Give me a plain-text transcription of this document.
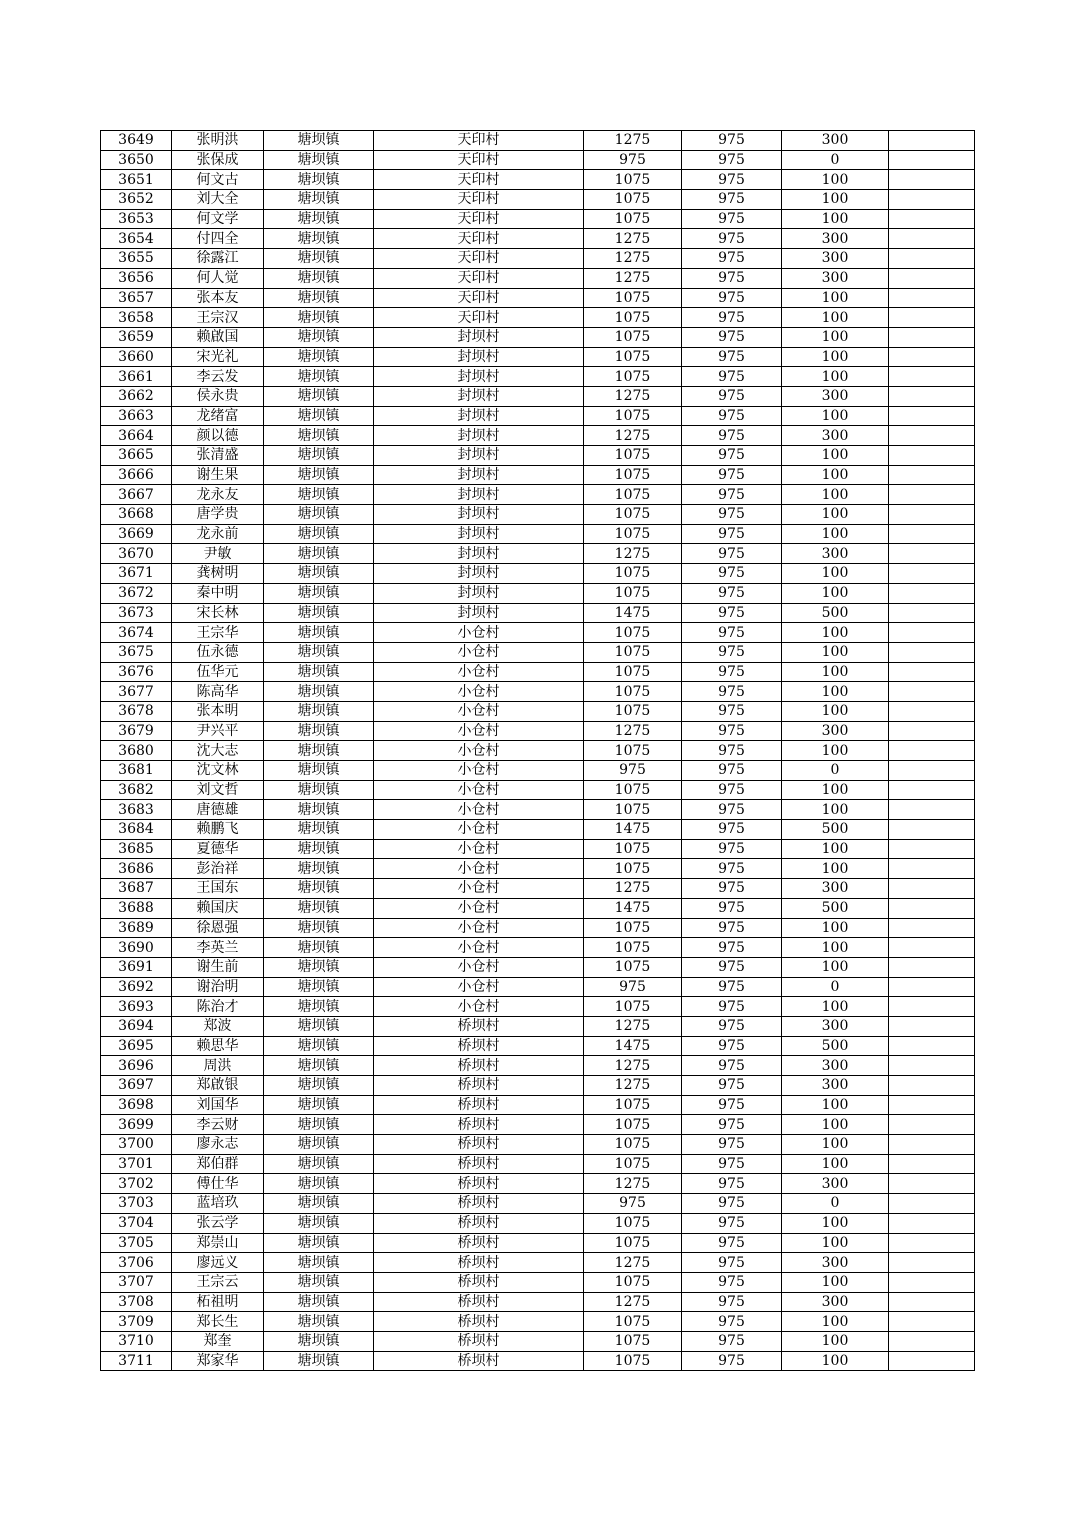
3649	张明洪	塘坝镇	天印村	1275	975	300	
3650	张保成	塘坝镇	天印村	975	975	0	
3651	何文古	塘坝镇	天印村	1075	975	100	
3652	刘大全	塘坝镇	天印村	1075	975	100	
3653	何文学	塘坝镇	天印村	1075	975	100	
3654	付四全	塘坝镇	天印村	1275	975	300	
3655	徐露江	塘坝镇	天印村	1275	975	300	
3656	何人觉	塘坝镇	天印村	1275	975	300	
3657	张本友	塘坝镇	天印村	1075	975	100	
3658	王宗汉	塘坝镇	天印村	1075	975	100	
3659	赖啟国	塘坝镇	封坝村	1075	975	100	
3660	宋光礼	塘坝镇	封坝村	1075	975	100	
3661	李云发	塘坝镇	封坝村	1075	975	100	
3662	侯永贵	塘坝镇	封坝村	1275	975	300	
3663	龙绪富	塘坝镇	封坝村	1075	975	100	
3664	颜以德	塘坝镇	封坝村	1275	975	300	
3665	张清盛	塘坝镇	封坝村	1075	975	100	
3666	谢生果	塘坝镇	封坝村	1075	975	100	
3667	龙永友	塘坝镇	封坝村	1075	975	100	
3668	唐学贵	塘坝镇	封坝村	1075	975	100	
3669	龙永前	塘坝镇	封坝村	1075	975	100	
3670	尹敏	塘坝镇	封坝村	1275	975	300	
3671	龚树明	塘坝镇	封坝村	1075	975	100	
3672	秦中明	塘坝镇	封坝村	1075	975	100	
3673	宋长林	塘坝镇	封坝村	1475	975	500	
3674	王宗华	塘坝镇	小仓村	1075	975	100	
3675	伍永德	塘坝镇	小仓村	1075	975	100	
3676	伍华元	塘坝镇	小仓村	1075	975	100	
3677	陈高华	塘坝镇	小仓村	1075	975	100	
3678	张本明	塘坝镇	小仓村	1075	975	100	
3679	尹兴平	塘坝镇	小仓村	1275	975	300	
3680	沈大志	塘坝镇	小仓村	1075	975	100	
3681	沈文林	塘坝镇	小仓村	975	975	0	
3682	刘文哲	塘坝镇	小仓村	1075	975	100	
3683	唐德雄	塘坝镇	小仓村	1075	975	100	
3684	赖鹏飞	塘坝镇	小仓村	1475	975	500	
3685	夏德华	塘坝镇	小仓村	1075	975	100	
3686	彭治祥	塘坝镇	小仓村	1075	975	100	
3687	王国东	塘坝镇	小仓村	1275	975	300	
3688	赖国庆	塘坝镇	小仓村	1475	975	500	
3689	徐恩强	塘坝镇	小仓村	1075	975	100	
3690	李英兰	塘坝镇	小仓村	1075	975	100	
3691	谢生前	塘坝镇	小仓村	1075	975	100	
3692	谢治明	塘坝镇	小仓村	975	975	0	
3693	陈治才	塘坝镇	小仓村	1075	975	100	
3694	郑波	塘坝镇	桥坝村	1275	975	300	
3695	赖思华	塘坝镇	桥坝村	1475	975	500	
3696	周洪	塘坝镇	桥坝村	1275	975	300	
3697	郑啟银	塘坝镇	桥坝村	1275	975	300	
3698	刘国华	塘坝镇	桥坝村	1075	975	100	
3699	李云财	塘坝镇	桥坝村	1075	975	100	
3700	廖永志	塘坝镇	桥坝村	1075	975	100	
3701	郑伯群	塘坝镇	桥坝村	1075	975	100	
3702	傅仕华	塘坝镇	桥坝村	1275	975	300	
3703	蓝培玖	塘坝镇	桥坝村	975	975	0	
3704	张云学	塘坝镇	桥坝村	1075	975	100	
3705	郑崇山	塘坝镇	桥坝村	1075	975	100	
3706	廖远义	塘坝镇	桥坝村	1275	975	300	
3707	王宗云	塘坝镇	桥坝村	1075	975	100	
3708	柘祖明	塘坝镇	桥坝村	1275	975	300	
3709	郑长生	塘坝镇	桥坝村	1075	975	100	
3710	郑奎	塘坝镇	桥坝村	1075	975	100	
3711	郑家华	塘坝镇	桥坝村	1075	975	100	
